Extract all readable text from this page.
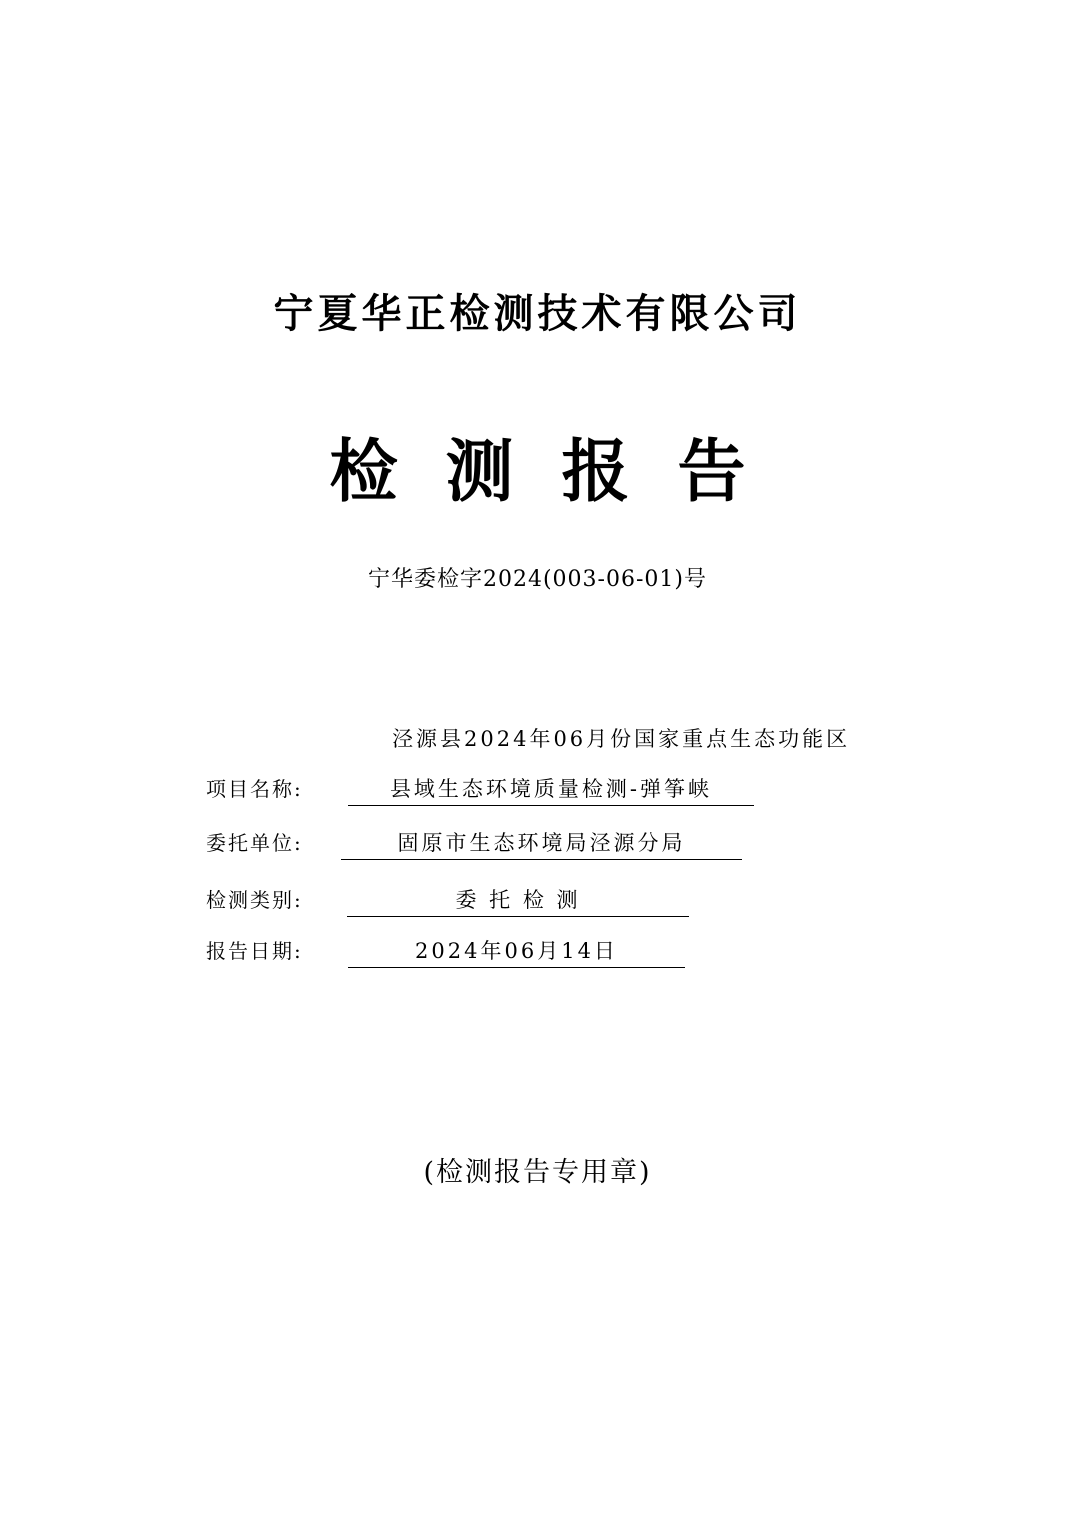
宁夏华正检测技术有限公司
检测报告
宁华委检字2024(003-06-01)号
泾源县2024年06月份国家重点生态功能区
项目名称:	县域生态环境质量检测-弹筝峡
委托单位:	固原市生态环境局泾源分局
检测类别:	委 托 检 测
报告日期:	2024年06月14日
(检测报告专用章)
